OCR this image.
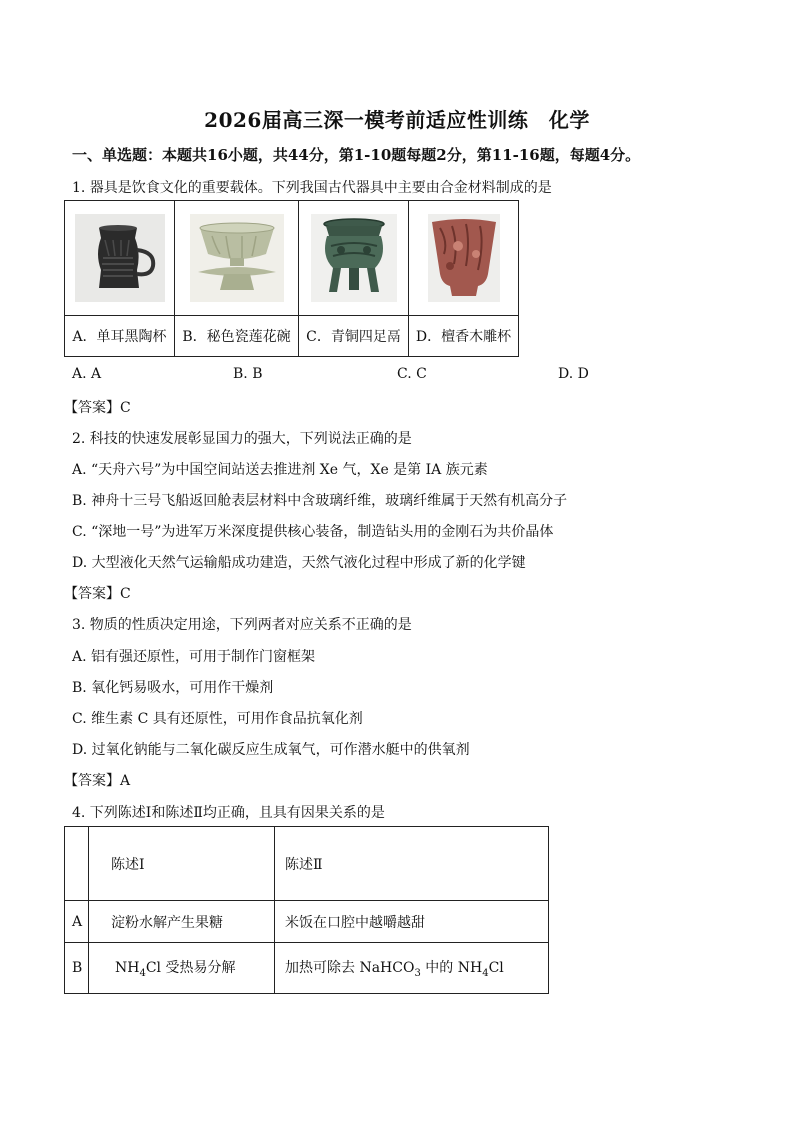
2026届高三深一模考前适应性训练　化学
一、单选题：本题共16小题，共44分，第1-10题每题2分，第11-16题，每题4分。
1. 器具是饮食文化的重要载体。下列我国古代器具中主要由合金材料制成的是

A．单耳黑陶杯	B．秘色瓷莲花碗	C．青铜四足鬲	D．檀香木雕杯
A. A	B. B	C. C	D. D
【答案】C
2. 科技的快速发展彰显国力的强大，下列说法正确的是
A. “天舟六号”为中国空间站送去推进剂 Xe 气，Xe 是第 IA 族元素
B. 神舟十三号飞船返回舱表层材料中含玻璃纤维，玻璃纤维属于天然有机高分子
C. “深地一号”为进军万米深度提供核心装备，制造钻头用的金刚石为共价晶体
D. 大型液化天然气运输船成功建造，天然气液化过程中形成了新的化学键
【答案】C
3. 物质的性质决定用途，下列两者对应关系不正确的是
A. 铝有强还原性，可用于制作门窗框架
B. 氧化钙易吸水，可用作干燥剂
C. 维生素 C 具有还原性，可用作食品抗氧化剂
D. 过氧化钠能与二氧化碳反应生成氧气，可作潜水艇中的供氧剂
【答案】A
4. 下列陈述Ⅰ和陈述Ⅱ均正确，且具有因果关系的是
	陈述Ⅰ	陈述Ⅱ
A	淀粉水解产生果糖	米饭在口腔中越嚼越甜
B	$NH_4Cl$ 受热易分解	加热可除去 NaHCO$_3$ 中的 $NH_4Cl$
